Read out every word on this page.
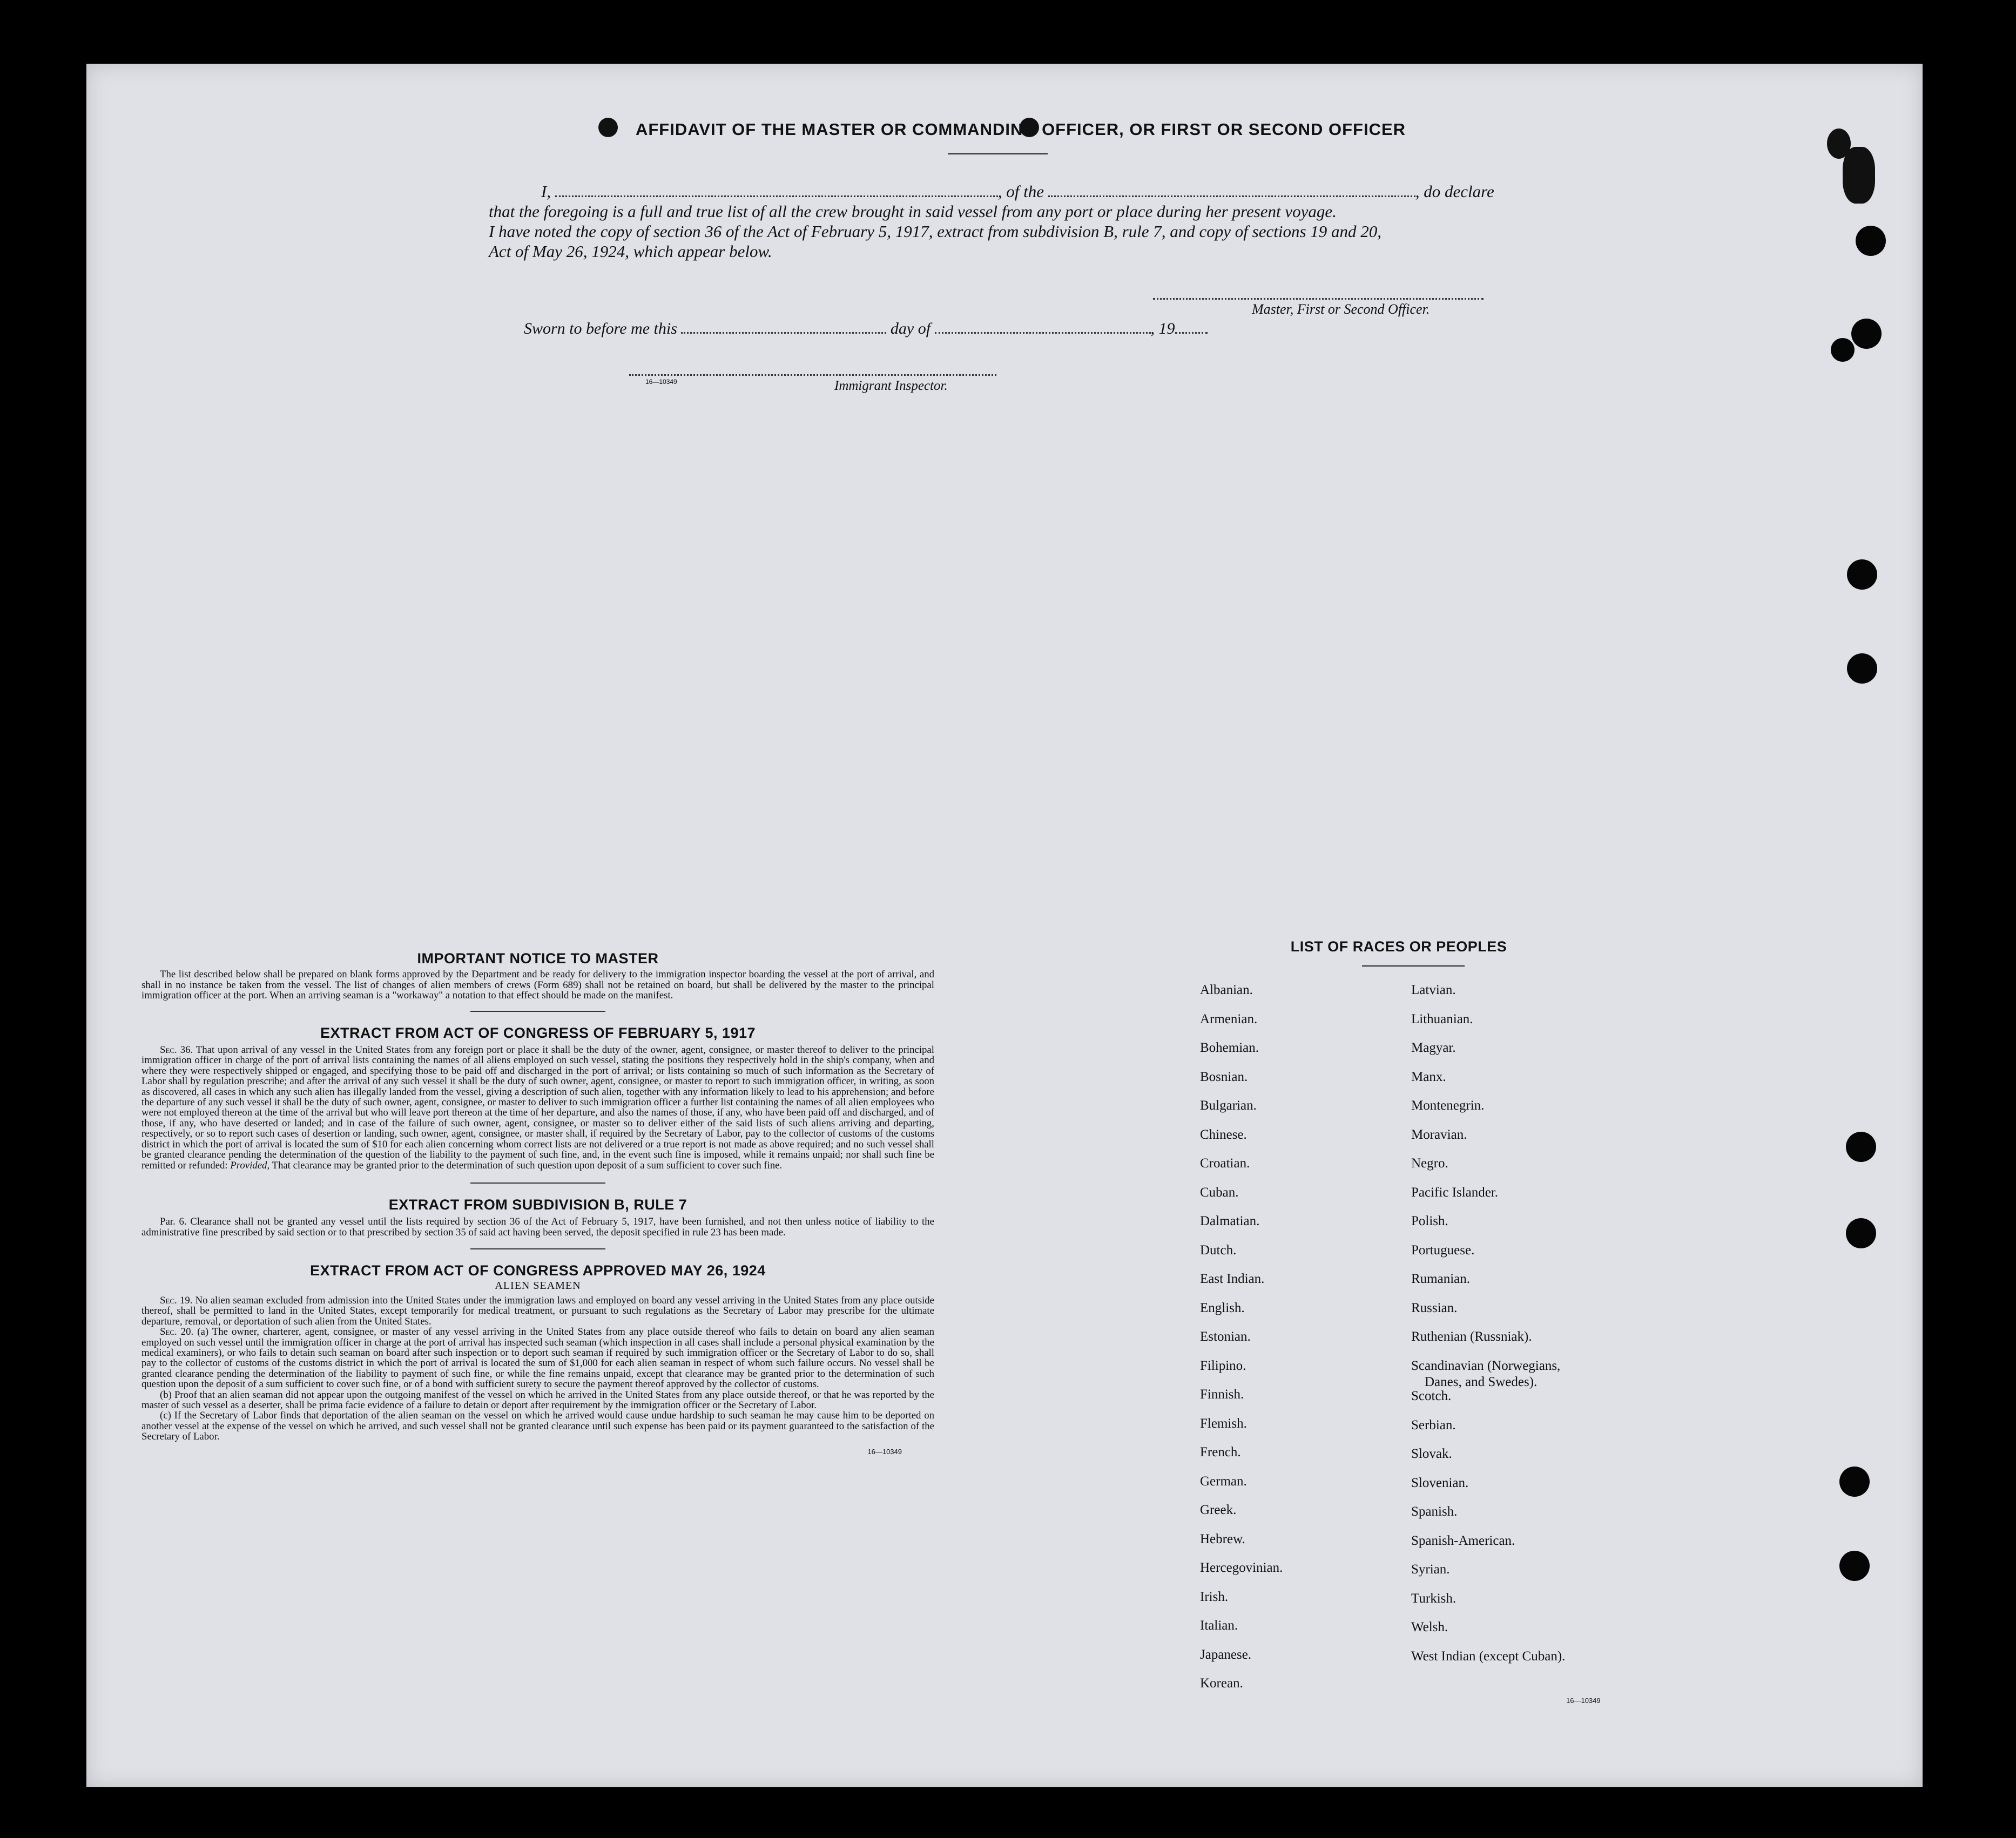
AFFIDAVIT OF THE MASTER OR COMMANDING OFFICER, OR FIRST OR SECOND OFFICER
I,	, of the	, do declare
that the foregoing is a full and true list of all the crew brought in said vessel from any port or place during her present voyage.
I have noted the copy of section 36 of the Act of February 5, 1917, extract from subdivision B, rule 7, and copy of sections 19 and 20,
Act of May 26, 1924, which appear below.
Master, First or Second Officer.
Sworn to before me this	day of	, 19
16—10349	Immigrant Inspector.
IMPORTANT NOTICE TO MASTER

The list described below shall be prepared on blank forms approved by the Department and be ready for delivery to the immigration inspector boarding the vessel at the port of arrival, and shall in no instance be taken from the vessel. The list of changes of alien members of crews (Form 689) shall not be retained on board, but shall be delivered by the master to the principal immigration officer at the port. When an arriving seaman is a "workaway" a notation to that effect should be made on the manifest.

EXTRACT FROM ACT OF CONGRESS OF FEBRUARY 5, 1917

Sec. 36. That upon arrival of any vessel in the United States from any foreign port or place it shall be the duty of the owner, agent, consignee, or master thereof to deliver to the principal immigration officer in charge of the port of arrival lists containing the names of all aliens employed on such vessel, stating the positions they respectively hold in the ship's company, when and where they were respectively shipped or engaged, and specifying those to be paid off and discharged in the port of arrival; or lists containing so much of such information as the Secretary of Labor shall by regulation prescribe; and after the arrival of any such vessel it shall be the duty of such owner, agent, consignee, or master to report to such immigration officer, in writing, as soon as discovered, all cases in which any such alien has illegally landed from the vessel, giving a description of such alien, together with any information likely to lead to his apprehension; and before the departure of any such vessel it shall be the duty of such owner, agent, consignee, or master to deliver to such immigration officer a further list containing the names of all alien employees who were not employed thereon at the time of the arrival but who will leave port thereon at the time of her departure, and also the names of those, if any, who have been paid off and discharged, and of those, if any, who have deserted or landed; and in case of the failure of such owner, agent, consignee, or master so to deliver either of the said lists of such aliens arriving and departing, respectively, or so to report such cases of desertion or landing, such owner, agent, consignee, or master shall, if required by the Secretary of Labor, pay to the collector of customs of the customs district in which the port of arrival is located the sum of $10 for each alien concerning whom correct lists are not delivered or a true report is not made as above required; and no such vessel shall be granted clearance pending the determination of the question of the liability to the payment of such fine, and, in the event such fine is imposed, while it remains unpaid; nor shall such fine be remitted or refunded: Provided, That clearance may be granted prior to the determination of such question upon deposit of a sum sufficient to cover such fine.

EXTRACT FROM SUBDIVISION B, RULE 7

Par. 6. Clearance shall not be granted any vessel until the lists required by section 36 of the Act of February 5, 1917, have been furnished, and not then unless notice of liability to the administrative fine prescribed by said section or to that prescribed by section 35 of said act having been served, the deposit specified in rule 23 has been made.

EXTRACT FROM ACT OF CONGRESS APPROVED MAY 26, 1924
ALIEN SEAMEN

Sec. 19. No alien seaman excluded from admission into the United States under the immigration laws and employed on board any vessel arriving in the United States from any place outside thereof, shall be permitted to land in the United States, except temporarily for medical treatment, or pursuant to such regulations as the Secretary of Labor may prescribe for the ultimate departure, removal, or deportation of such alien from the United States.

Sec. 20. (a) The owner, charterer, agent, consignee, or master of any vessel arriving in the United States from any place outside thereof who fails to detain on board any alien seaman employed on such vessel until the immigration officer in charge at the port of arrival has inspected such seaman (which inspection in all cases shall include a personal physical examination by the medical examiners), or who fails to detain such seaman on board after such inspection or to deport such seaman if required by such immigration officer or the Secretary of Labor to do so, shall pay to the collector of customs of the customs district in which the port of arrival is located the sum of $1,000 for each alien seaman in respect of whom such failure occurs. No vessel shall be granted clearance pending the determination of the liability to payment of such fine, or while the fine remains unpaid, except that clearance may be granted prior to the determination of such question upon the deposit of a sum sufficient to cover such fine, or of a bond with sufficient surety to secure the payment thereof approved by the collector of customs.

(b) Proof that an alien seaman did not appear upon the outgoing manifest of the vessel on which he arrived in the United States from any place outside thereof, or that he was reported by the master of such vessel as a deserter, shall be prima facie evidence of a failure to detain or deport after requirement by the immigration officer or the Secretary of Labor.

(c) If the Secretary of Labor finds that deportation of the alien seaman on the vessel on which he arrived would cause undue hardship to such seaman he may cause him to be deported on another vessel at the expense of the vessel on which he arrived, and such vessel shall not be granted clearance until such expense has been paid or its payment guaranteed to the satisfaction of the Secretary of Labor.

16—10349
LIST OF RACES OR PEOPLES
Albanian.
Armenian.
Bohemian.
Bosnian.
Bulgarian.
Chinese.
Croatian.
Cuban.
Dalmatian.
Dutch.
East Indian.
English.
Estonian.
Filipino.
Finnish.
Flemish.
French.
German.
Greek.
Hebrew.
Hercegovinian.
Irish.
Italian.
Japanese.
Korean.
Latvian.
Lithuanian.
Magyar.
Manx.
Montenegrin.
Moravian.
Negro.
Pacific Islander.
Polish.
Portuguese.
Rumanian.
Russian.
Ruthenian (Russniak).
Scandinavian (Norwegians,
Danes, and Swedes).
Scotch.
Serbian.
Slovak.
Slovenian.
Spanish.
Spanish-American.
Syrian.
Turkish.
Welsh.
West Indian (except Cuban).
16—10349
